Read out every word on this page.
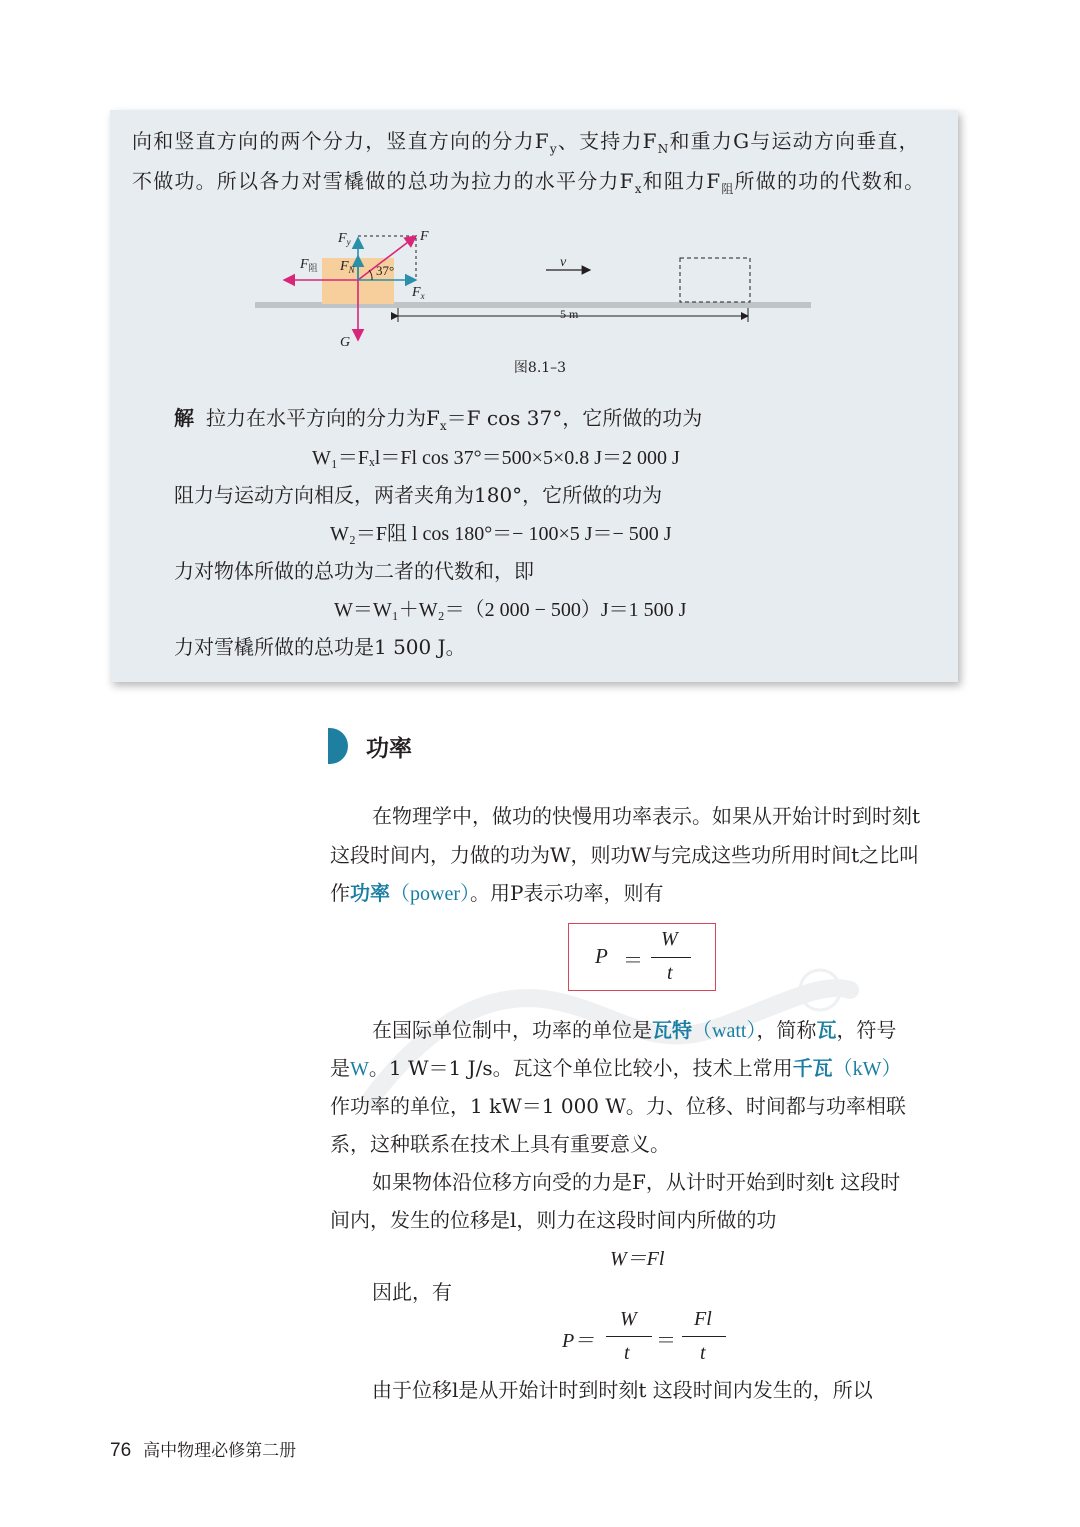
向和竖直方向的两个分力，竖直方向的分力$F_y$、支持力$F_N$和重力G与运动方向垂直，
不做功。所以各力对雪橇做的总功为拉力的水平分力$F_x$和阻力$F_阻$所做的功的代数和。
$F_y$	F
$F_阻$ $F_N$ 37°
$F_x$
G
v
5 m
图8.1–3
解 拉力在水平方向的分力为$F_x=F$ cos 37°，它所做的功为
W₁＝Fₓl＝Fl cos 37°＝500×5×0.8 J＝2 000 J
阻力与运动方向相反，两者夹角为180°，它所做的功为
W₂＝F阻 l cos 180°＝− 100×5 J＝− 500 J
力对物体所做的总功为二者的代数和，即
W＝W₁＋W₂＝（2 000 − 500）J＝1 500 J
力对雪橇所做的总功是1 500 J。
功率
在物理学中，做功的快慢用功率表示。如果从开始计时到时刻t
这段时间内，力做的功为W，则功W与完成这些功所用时间t之比叫
作功率（power）。用P表示功率，则有
P ＝
W
t
在国际单位制中，功率的单位是瓦特（watt），简称瓦，符号
是W。1 W＝1 J/s。瓦这个单位比较小，技术上常用千瓦（kW）
作功率的单位，1 kW＝1 000 W。力、位移、时间都与功率相联
系，这种联系在技术上具有重要意义。
如果物体沿位移方向受的力是F，从计时开始到时刻t 这段时
间内，发生的位移是l，则力在这段时间内所做的功
W＝Fl
因此，有
P＝
W
t
＝
Fl
t
由于位移l是从开始计时到时刻t 这段时间内发生的，所以
76 高中物理必修第二册
